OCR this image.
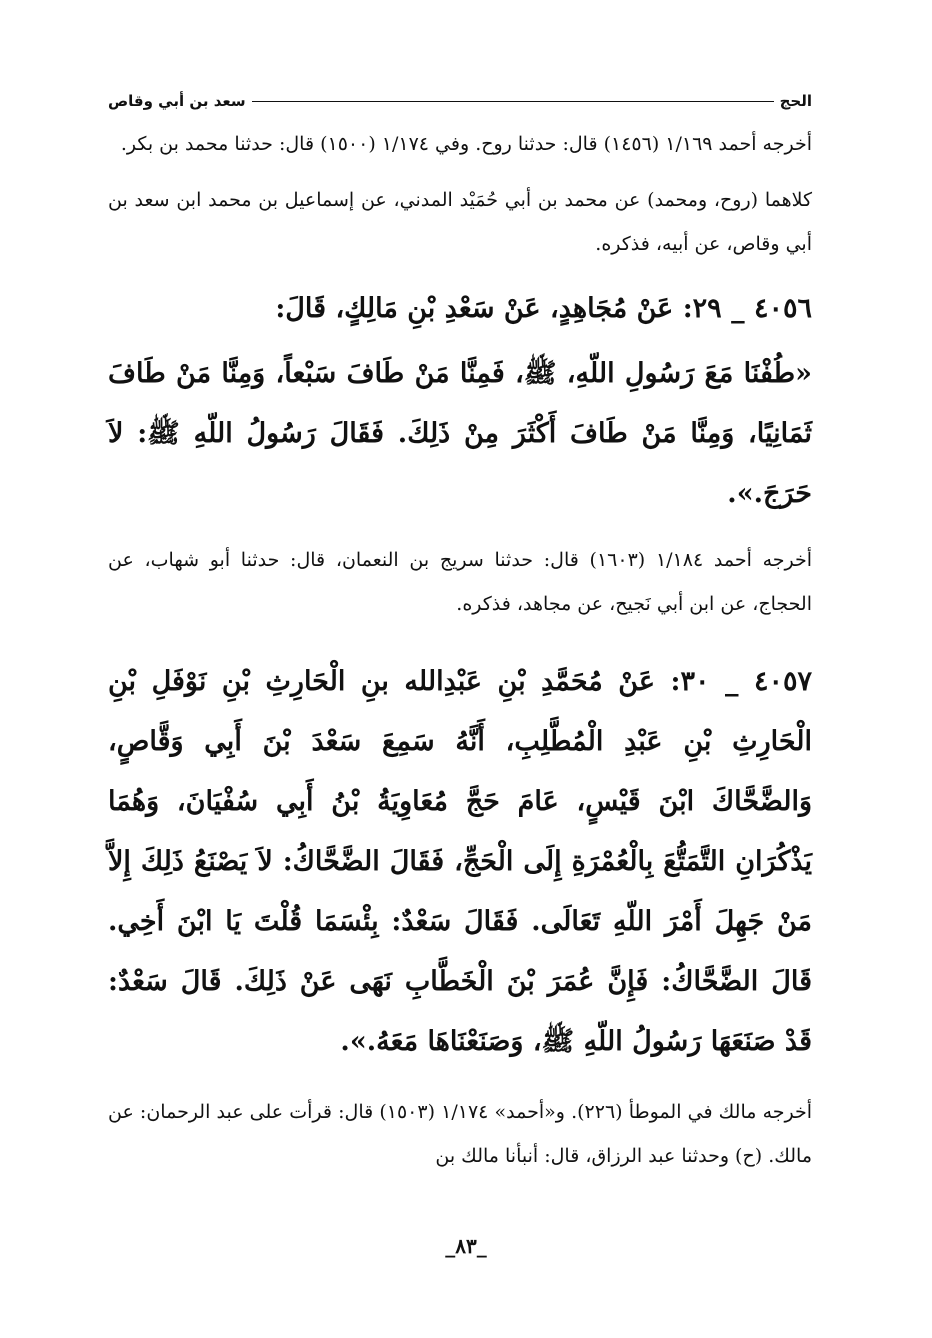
الحج
سعد بن أبي وقاص

أخرجه أحمد ١/١٦٩ (١٤٥٦) قال: حدثنا روح. وفي ١/١٧٤ (١٥٠٠) قال: حدثنا محمد بن بكر.

كلاهما (روح، ومحمد) عن محمد بن أبي حُمَيْد المدني، عن إسماعيل بن محمد ابن سعد بن أبي وقاص، عن أبيه، فذكره.

٤٠٥٦ _ ٢٩: عَنْ مُجَاهِدٍ، عَنْ سَعْدِ بْنِ مَالِكٍ، قَالَ:

«طُفْنَا مَعَ رَسُولِ اللّهِ، ﷺ، فَمِنَّا مَنْ طَافَ سَبْعاً، وَمِنَّا مَنْ طَافَ ثَمَانِيًا، وَمِنَّا مَنْ طَافَ أَكْثَرَ مِنْ ذَلِكَ. فَقَالَ رَسُولُ اللّهِ ﷺ: لاَ حَرَجَ.».

أخرجه أحمد ١/١٨٤ (١٦٠٣) قال: حدثنا سريج بن النعمان، قال: حدثنا أبو شهاب، عن الحجاج، عن ابن أبي نَجيح، عن مجاهد، فذكره.

٤٠٥٧ _ ٣٠: عَنْ مُحَمَّدِ بْنِ عَبْدِالله بنِ الْحَارِثِ بْنِ نَوْفَلِ بْنِ الْحَارِثِ بْنِ عَبْدِ الْمُطَّلِبِ، أَنَّهُ سَمِعَ سَعْدَ بْنَ أَبِي وَقَّاصٍ، وَالضَّحَّاكَ ابْنَ قَيْسٍ، عَامَ حَجَّ مُعَاوِيَةُ بْنُ أَبِي سُفْيَانَ، وَهُمَا يَذْكُرَانِ التَّمَتُّعَ بِالْعُمْرَةِ إِلَى الْحَجِّ، فَقَالَ الضَّحَّاكُ: لاَ يَصْنَعُ ذَلِكَ إِلاَّ مَنْ جَهِلَ أَمْرَ اللّهِ تَعَالَى. فَقَالَ سَعْدٌ: بِئْسَمَا قُلْتَ يَا ابْنَ أَخِي. قَالَ الضَّحَّاكُ: فَإِنَّ عُمَرَ بْنَ الْخَطَّابِ نَهَى عَنْ ذَلِكَ. قَالَ سَعْدٌ: قَدْ صَنَعَهَا رَسُولُ اللّهِ ﷺ، وَصَنَعْنَاهَا مَعَهُ.».

أخرجه مالك في الموطأ (٢٢٦). و«أحمد» ١/١٧٤ (١٥٠٣) قال: قرأت على عبد الرحمان: عن مالك. (ح) وحدثنا عبد الرزاق، قال: أنبأنا مالك بن

_٨٣_
